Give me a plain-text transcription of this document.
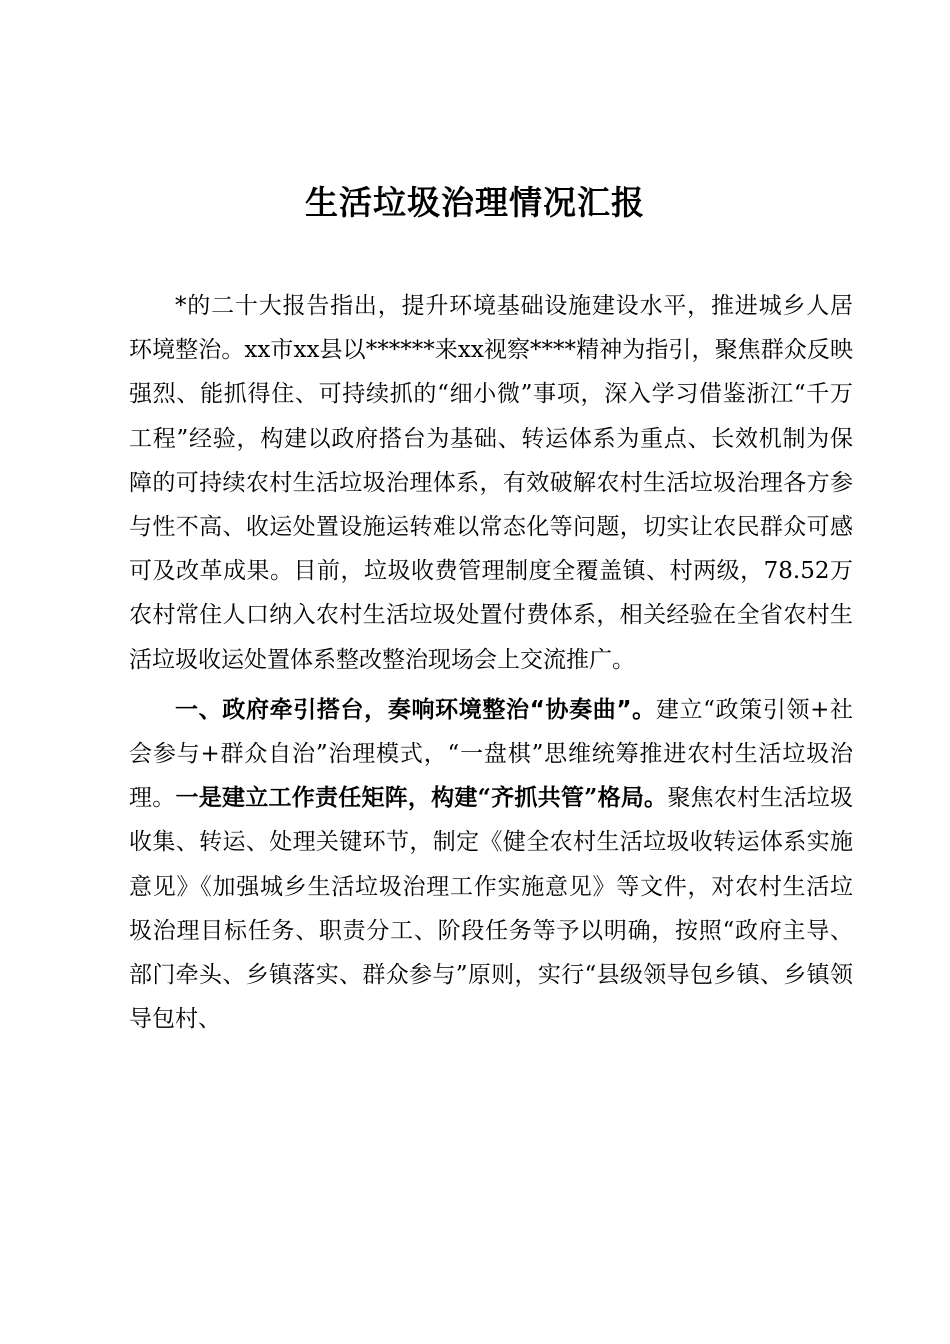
生活垃圾治理情况汇报

*的二十大报告指出，提升环境基础设施建设水平，推进城乡人居环境整治。xx市xx县以******来xx视察****精神为指引，聚焦群众反映强烈、能抓得住、可持续抓的“细小微”事项，深入学习借鉴浙江“千万工程”经验，构建以政府搭台为基础、转运体系为重点、长效机制为保障的可持续农村生活垃圾治理体系，有效破解农村生活垃圾治理各方参与性不高、收运处置设施运转难以常态化等问题，切实让农民群众可感可及改革成果。目前，垃圾收费管理制度全覆盖镇、村两级，78.52万农村常住人口纳入农村生活垃圾处置付费体系，相关经验在全省农村生活垃圾收运处置体系整改整治现场会上交流推广。

一、政府牵引搭台，奏响环境整治“协奏曲”。建立“政策引领+社会参与+群众自治”治理模式，“一盘棋”思维统筹推进农村生活垃圾治理。一是建立工作责任矩阵，构建“齐抓共管”格局。聚焦农村生活垃圾收集、转运、处理关键环节，制定《健全农村生活垃圾收转运体系实施意见》《加强城乡生活垃圾治理工作实施意见》等文件，对农村生活垃圾治理目标任务、职责分工、阶段任务等予以明确，按照“政府主导、部门牵头、乡镇落实、群众参与”原则，实行“县级领导包乡镇、乡镇领导包村、
